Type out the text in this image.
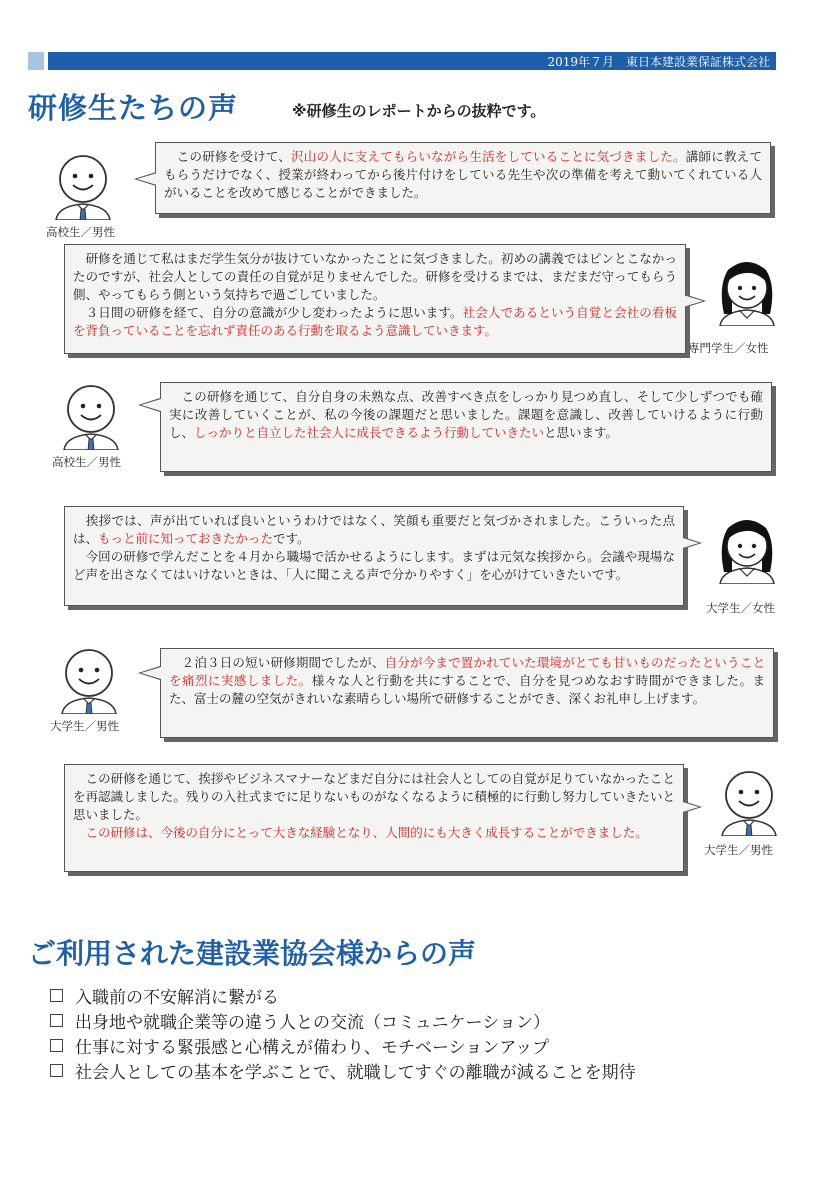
2019年７月　東日本建設業保証株式会社
研修生たちの声	※研修生のレポートからの抜粋です。
高校生／男性

　この研修を受けて、沢山の人に支えてもらいながら生活をしていることに気づきました。講師に教えてもらうだけでなく、授業が終わってから後片付けをしている先生や次の準備を考えて動いてくれている人がいることを改めて感じることができました。

専門学生／女性

　研修を通じて私はまだ学生気分が抜けていなかったことに気づきました。初めの講義ではピンとこなかったのですが、社会人としての責任の自覚が足りませんでした。研修を受けるまでは、まだまだ守ってもらう側、やってもらう側という気持ちで過ごしていました。

　３日間の研修を経て、自分の意識が少し変わったように思います。社会人であるという自覚と会社の看板を背負っていることを忘れず責任のある行動を取るよう意識していきます。

高校生／男性

　この研修を通じて、自分自身の未熟な点、改善すべき点をしっかり見つめ直し、そして少しずつでも確実に改善していくことが、私の今後の課題だと思いました。課題を意識し、改善していけるように行動し、しっかりと自立した社会人に成長できるよう行動していきたいと思います。

大学生／女性

　挨拶では、声が出ていれば良いというわけではなく、笑顔も重要だと気づかされました。こういった点は、もっと前に知っておきたかったです。

　今回の研修で学んだことを４月から職場で活かせるようにします。まずは元気な挨拶から。会議や現場など声を出さなくてはいけないときは、「人に聞こえる声で分かりやすく」を心がけていきたいです。

大学生／男性

　２泊３日の短い研修期間でしたが、自分が今まで置かれていた環境がとても甘いものだったということを痛烈に実感しました。様々な人と行動を共にすることで、自分を見つめなおす時間ができました。また、富士の麓の空気がきれいな素晴らしい場所で研修することができ、深くお礼申し上げます。

大学生／男性

　この研修を通じて、挨拶やビジネスマナーなどまだ自分には社会人としての自覚が足りていなかったことを再認識しました。残りの入社式までに足りないものがなくなるように積極的に行動し努力していきたいと思いました。

　この研修は、今後の自分にとって大きな経験となり、人間的にも大きく成長することができました。

ご利用された建設業協会様からの声
入職前の不安解消に繋がる
出身地や就職企業等の違う人との交流（コミュニケーション）
仕事に対する緊張感と心構えが備わり、モチベーションアップ
社会人としての基本を学ぶことで、就職してすぐの離職が減ることを期待
